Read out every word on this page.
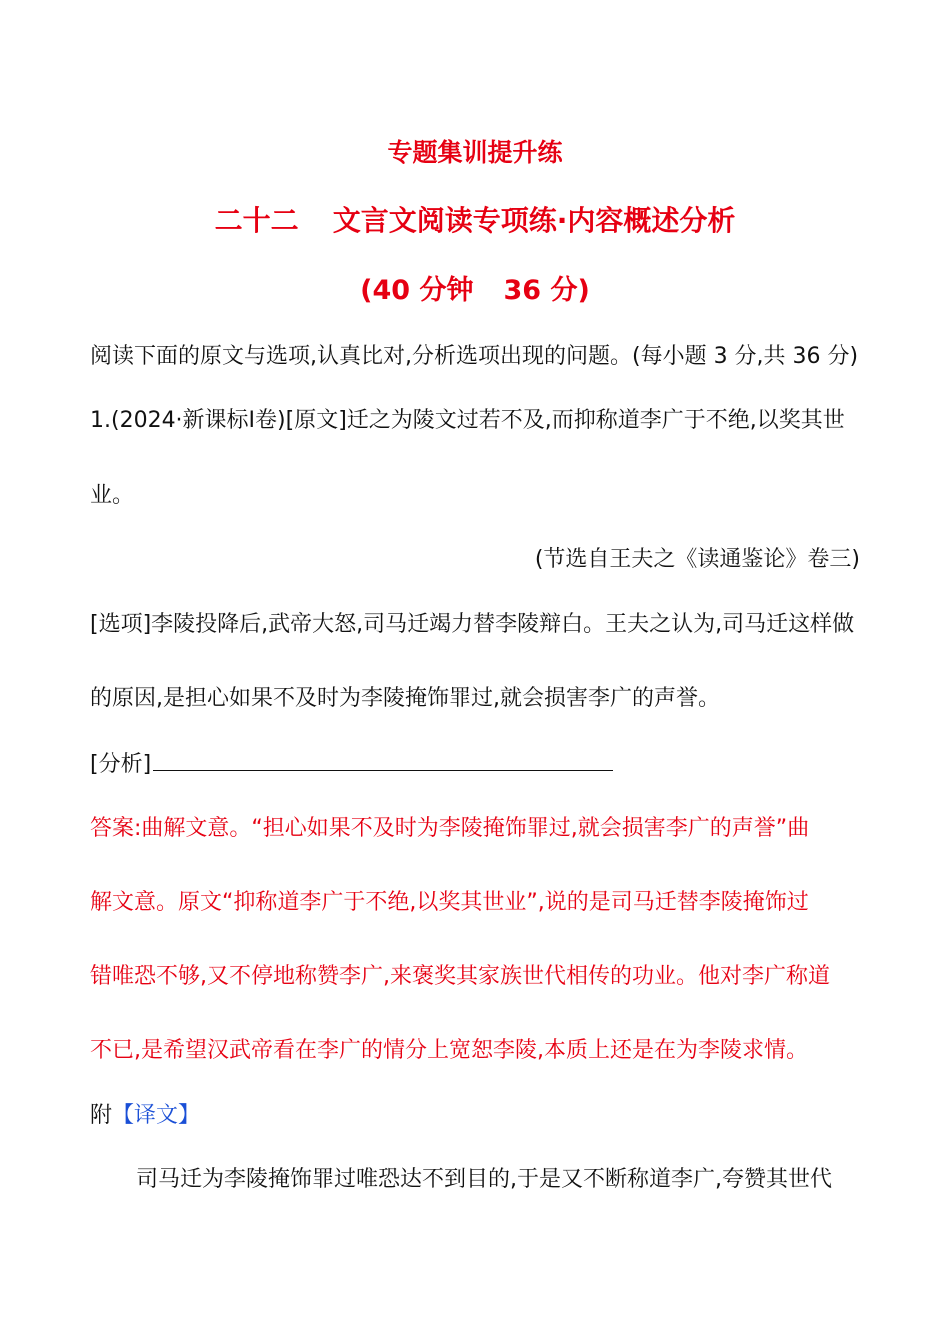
专题集训提升练
二十二 文言文阅读专项练·内容概述分析
(40 分钟 36 分)
阅读下面的原文与选项,认真比对,分析选项出现的问题。(每小题 3 分,共 36 分)
1.(2024·新课标Ⅰ卷)[原文]迁之为陵文过若不及,而抑称道李广于不绝,以奖其世
业。
(节选自王夫之《读通鉴论》卷三)
[选项]李陵投降后,武帝大怒,司马迁竭力替李陵辩白。王夫之认为,司马迁这样做
的原因,是担心如果不及时为李陵掩饰罪过,就会损害李广的声誉。
[分析]
答案:曲解文意。“担心如果不及时为李陵掩饰罪过,就会损害李广的声誉”曲
解文意。原文“抑称道李广于不绝,以奖其世业”,说的是司马迁替李陵掩饰过
错唯恐不够,又不停地称赞李广,来褒奖其家族世代相传的功业。他对李广称道
不已,是希望汉武帝看在李广的情分上宽恕李陵,本质上还是在为李陵求情。
附【译文】
司马迁为李陵掩饰罪过唯恐达不到目的,于是又不断称道李广,夸赞其世代
